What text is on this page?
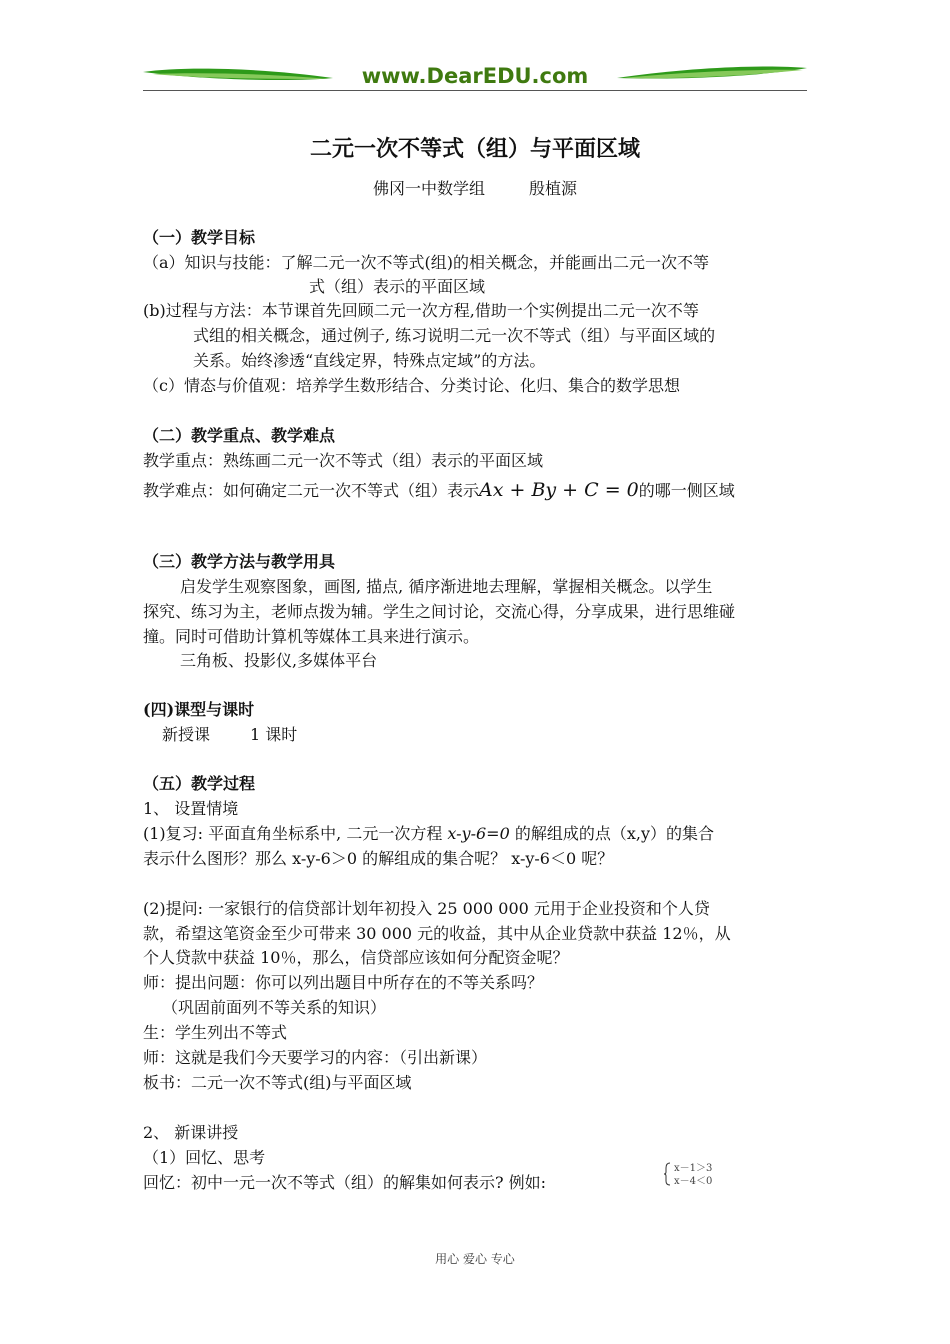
www.DearEDU.com
二元一次不等式（组）与平面区域
佛冈一中数学组	殷植源
（一）教学目标
（a）知识与技能：了解二元一次不等式(组)的相关概念，并能画出二元一次不等
式（组）表示的平面区域
(b)过程与方法：本节课首先回顾二元一次方程,借助一个实例提出二元一次不等
式组的相关概念，通过例子, 练习说明二元一次不等式（组）与平面区域的
关系。始终渗透“直线定界，特殊点定域”的方法。
（c）情态与价值观：培养学生数形结合、分类讨论、化归、集合的数学思想
（二）教学重点、教学难点
教学重点：熟练画二元一次不等式（组）表示的平面区域
教学难点：如何确定二元一次不等式（组）表示Ax + By + C = 0的哪一侧区域
（三）教学方法与教学用具
启发学生观察图象，画图, 描点, 循序渐进地去理解，掌握相关概念。以学生
探究、练习为主，老师点拨为辅。学生之间讨论，交流心得，分享成果，进行思维碰
撞。同时可借助计算机等媒体工具来进行演示。
三角板、投影仪,多媒体平台
(四)课型与课时
新授课	1 课时
（五）教学过程
1、 设置情境
(1)复习: 平面直角坐标系中, 二元一次方程 x-y-6=0 的解组成的点（x,y）的集合
表示什么图形？那么 x-y-6＞0 的解组成的集合呢？ x-y-6＜0 呢？
(2)提问: 一家银行的信贷部计划年初投入 25 000 000 元用于企业投资和个人贷
款，希望这笔资金至少可带来 30 000 元的收益，其中从企业贷款中获益 12％，从
个人贷款中获益 10％，那么，信贷部应该如何分配资金呢？
师：提出问题：你可以列出题目中所存在的不等关系吗？
（巩固前面列不等关系的知识）
生：学生列出不等式
师：这就是我们今天要学习的内容：（引出新课）
板书：二元一次不等式(组)与平面区域
2、 新课讲授
（1）回忆、思考
回忆：初中一元一次不等式（组）的解集如何表示? 例如:
x－1＞3
x－4＜0
用心 爱心 专心
